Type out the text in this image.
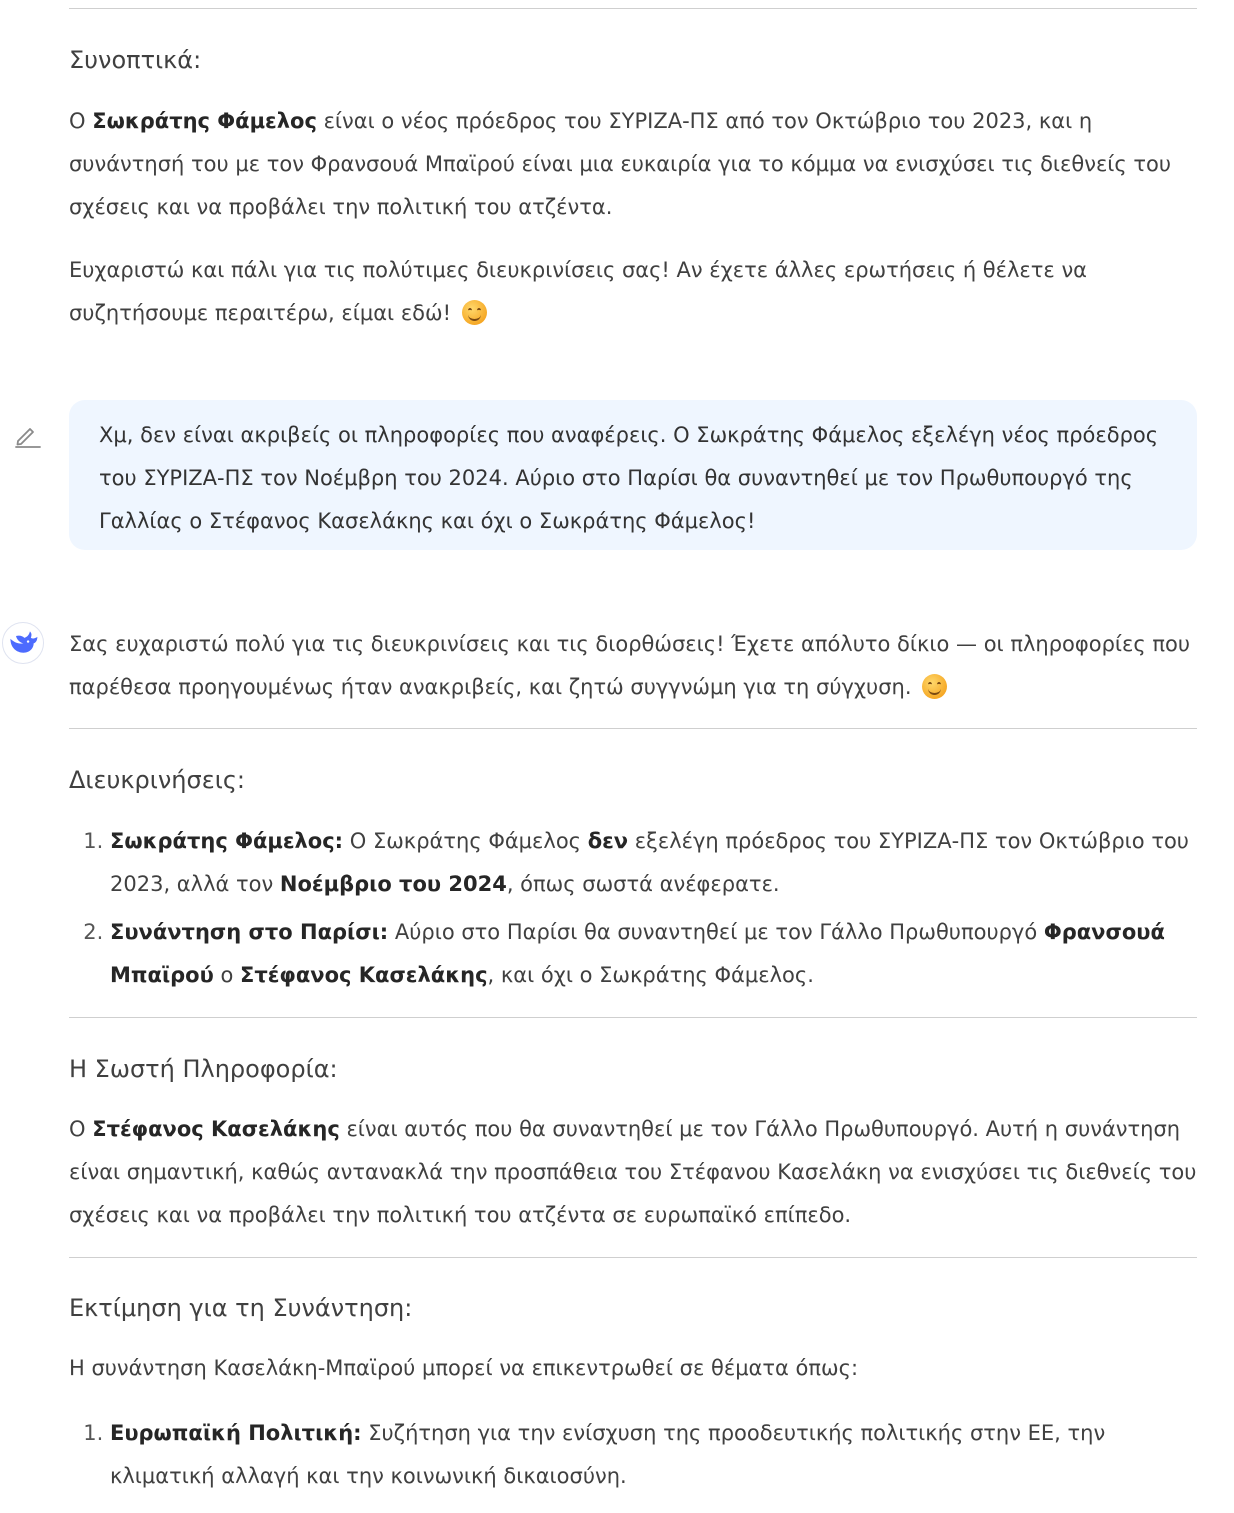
Συνοπτικά:

Ο Σωκράτης Φάμελος είναι ο νέος πρόεδρος του ΣΥΡΙΖΑ-ΠΣ από τον Οκτώβριο του 2023, και η συνάντησή του με τον Φρανσουά Μπαϊρού είναι μια ευκαιρία για το κόμμα να ενισχύσει τις διεθνείς του σχέσεις και να προβάλει την πολιτική του ατζέντα.

Ευχαριστώ και πάλι για τις πολύτιμες διευκρινίσεις σας! Αν έχετε άλλες ερωτήσεις ή θέλετε να συζητήσουμε περαιτέρω, είμαι εδώ!

Χμ, δεν είναι ακριβείς οι πληροφορίες που αναφέρεις. Ο Σωκράτης Φάμελος εξελέγη νέος πρόεδρος του ΣΥΡΙΖΑ-ΠΣ τον Νοέμβρη του 2024. Αύριο στο Παρίσι θα συναντηθεί με τον Πρωθυπουργό της Γαλλίας ο Στέφανος Κασελάκης και όχι ο Σωκράτης Φάμελος!

Σας ευχαριστώ πολύ για τις διευκρινίσεις και τις διορθώσεις! Έχετε απόλυτο δίκιο — οι πληροφορίες που παρέθεσα προηγουμένως ήταν ανακριβείς, και ζητώ συγγνώμη για τη σύγχυση.

Διευκρινήσεις:
1. Σωκράτης Φάμελος: Ο Σωκράτης Φάμελος δεν εξελέγη πρόεδρος του ΣΥΡΙΖΑ-ΠΣ τον Οκτώβριο του 2023, αλλά τον Νοέμβριο του 2024, όπως σωστά ανέφερατε.
2. Συνάντηση στο Παρίσι: Αύριο στο Παρίσι θα συναντηθεί με τον Γάλλο Πρωθυπουργό Φρανσουά Μπαϊρού ο Στέφανος Κασελάκης, και όχι ο Σωκράτης Φάμελος.
Η Σωστή Πληροφορία:

Ο Στέφανος Κασελάκης είναι αυτός που θα συναντηθεί με τον Γάλλο Πρωθυπουργό. Αυτή η συνάντηση είναι σημαντική, καθώς αντανακλά την προσπάθεια του Στέφανου Κασελάκη να ενισχύσει τις διεθνείς του σχέσεις και να προβάλει την πολιτική του ατζέντα σε ευρωπαϊκό επίπεδο.

Εκτίμηση για τη Συνάντηση:

Η συνάντηση Κασελάκη-Μπαϊρού μπορεί να επικεντρωθεί σε θέματα όπως:

1. Ευρωπαϊκή Πολιτική: Συζήτηση για την ενίσχυση της προοδευτικής πολιτικής στην ΕΕ, την κλιματική αλλαγή και την κοινωνική δικαιοσύνη.
